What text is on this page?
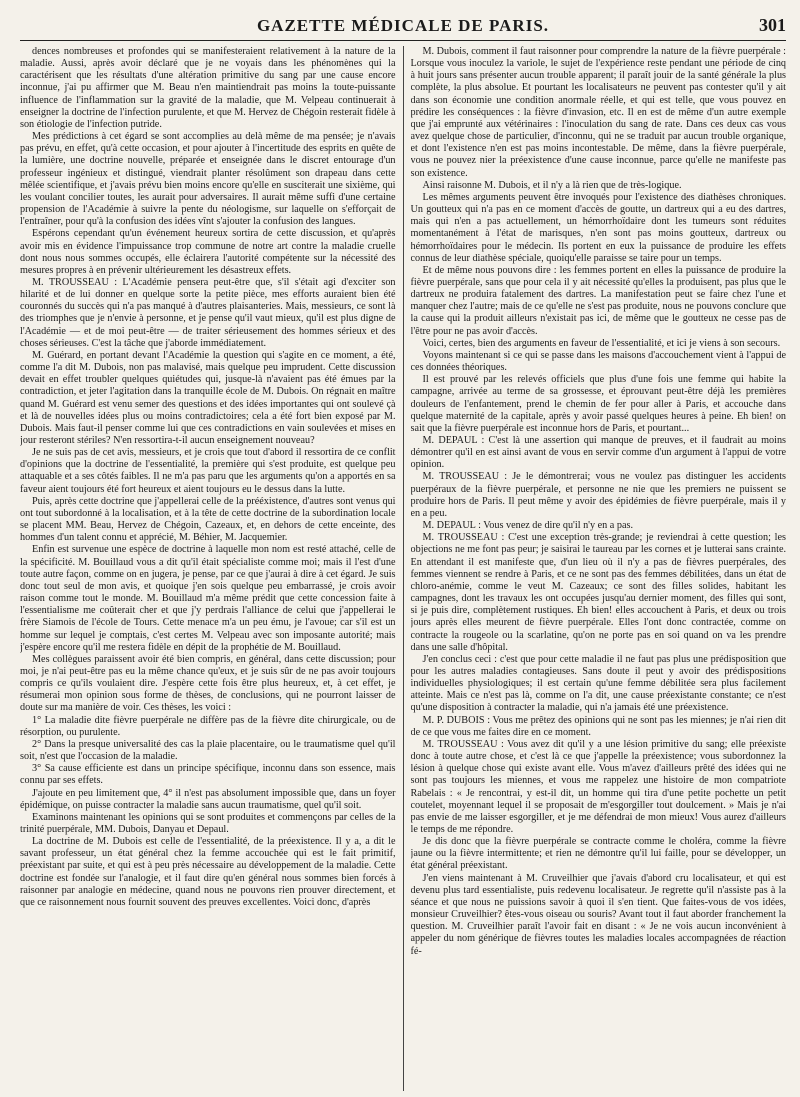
GAZETTE MÉDICALE DE PARIS.	301

dences nombreuses et profondes qui se manifesteraient relativement à la nature de la maladie. Aussi, après avoir déclaré que je ne voyais dans les phénomènes qui la caractérisent que les résultats d'une altération primitive du sang par une cause encore inconnue, j'ai pu affirmer que M. Beau n'en maintiendrait pas moins la toute-puissante influence de l'inflammation sur la gravité de la maladie, que M. Velpeau continuerait à enseigner la doctrine de l'infection purulente, et que M. Hervez de Chégoin resterait fidèle à son étiologie de l'infection putride.

Mes prédictions à cet égard se sont accomplies au delà même de ma pensée; je n'avais pas prévu, en effet, qu'à cette occasion, et pour ajouter à l'incertitude des esprits en quête de la lumière, une doctrine nouvelle, préparée et enseignée dans le discret entourage d'un professeur ingénieux et distingué, viendrait planter résolûment son drapeau dans cette mêlée scientifique, et j'avais prévu bien moins encore qu'elle en susciterait une sixième, qui les voulant concilier toutes, les aurait pour adversaires. Il aurait même suffi d'une certaine propension de l'Académie à suivre la pente du néologisme, sur laquelle on s'efforçait de l'entraîner, pour qu'à la confusion des idées vînt s'ajouter la confusion des langues.

Espérons cependant qu'un événement heureux sortira de cette discussion, et qu'après avoir mis en évidence l'impuissance trop commune de notre art contre la maladie cruelle dont nous nous sommes occupés, elle éclairera l'autorité compétente sur la nécessité des mesures propres à en prévenir ultérieurement les désastreux effets.

M. TROUSSEAU : L'Académie pensera peut-être que, s'il s'était agi d'exciter son hilarité et de lui donner en quelque sorte la petite pièce, mes efforts auraient bien été couronnés du succès qui n'a pas manqué à d'autres plaisanteries. Mais, messieurs, ce sont là des triomphes que je n'envie à personne, et je pense qu'il vaut mieux, qu'il est plus digne de l'Académie — et de moi peut-être — de traiter sérieusement des hommes sérieux et des choses sérieuses. C'est la tâche que j'aborde immédiatement.

M. Guérard, en portant devant l'Académie la question qui s'agite en ce moment, a été, comme l'a dit M. Dubois, non pas malavisé, mais quelque peu imprudent. Cette discussion devait en effet troubler quelques quiétudes qui, jusque-là n'avaient pas été émues par la contradiction, et jeter l'agitation dans la tranquille école de M. Dubois. On régnait en maître quand M. Guérard est venu semer des questions et des idées importantes qui ont soulevé çà et là de nouvelles idées plus ou moins contradictoires; cela a été fort bien exposé par M. Dubois. Mais faut-il penser comme lui que ces contradictions en vain soulevées et mises en jour resteront stériles? N'en ressortira-t-il aucun enseignement nouveau?

Je ne suis pas de cet avis, messieurs, et je crois que tout d'abord il ressortira de ce conflit d'opinions que la doctrine de l'essentialité, la première qui s'est produite, est quelque peu attaquable et a ses côtés faibles. Il ne m'a pas paru que les arguments qu'on a apportés en sa faveur aient toujours été fort heureux et aient toujours eu le dessus dans la lutte.

Puis, après cette doctrine que j'appellerai celle de la prééxistence, d'autres sont venus qui ont tout subordonné à la localisation, et à la tête de cette doctrine de la subordination locale se placent MM. Beau, Hervez de Chégoin, Cazeaux, et, en dehors de cette enceinte, des hommes d'un talent connu et apprécié, M. Béhier, M. Jacquemier.

Enfin est survenue une espèce de doctrine à laquelle mon nom est resté attaché, celle de la spécificité. M. Bouillaud vous a dit qu'il était spécialiste comme moi; mais il l'est d'une toute autre façon, comme on en jugera, je pense, par ce que j'aurai à dire à cet égard. Je suis donc tout seul de mon avis, et quoique j'en sois quelque peu embarrassé, je crois avoir raison comme tout le monde. M. Bouillaud m'a même prédit que cette concession faite à l'essentialisme me coûterait cher et que j'y perdrais l'alliance de celui que j'appellerai le frère Siamois de l'école de Tours. Cette menace m'a un peu ému, je l'avoue; car s'il est un homme sur lequel je comptais, c'est certes M. Velpeau avec son imposante autorité; mais j'espère encore qu'il me restera fidèle en dépit de la prophétie de M. Bouillaud.

Mes collègues paraissent avoir été bien compris, en général, dans cette discussion; pour moi, je n'ai peut-être pas eu la même chance qu'eux, et je suis sûr de ne pas avoir toujours compris ce qu'ils voulaient dire. J'espère cette fois être plus heureux, et, à cet effet, je résumerai mon opinion sous forme de thèses, de conclusions, qui ne pourront laisser de doute sur ma manière de voir. Ces thèses, les voici :

1° La maladie dite fièvre puerpérale ne diffère pas de la fièvre dite chirurgicale, ou de résorption, ou purulente.

2° Dans la presque universalité des cas la plaie placentaire, ou le traumatisme quel qu'il soit, n'est que l'occasion de la maladie.

3° Sa cause efficiente est dans un principe spécifique, inconnu dans son essence, mais connu par ses effets.

J'ajoute en peu limitement que, 4° il n'est pas absolument impossible que, dans un foyer épidémique, on puisse contracter la maladie sans aucun traumatisme, quel qu'il soit.

Examinons maintenant les opinions qui se sont produites et commençons par celles de la trinité puerpérale, MM. Dubois, Danyau et Depaul.

La doctrine de M. Dubois est celle de l'essentialité, de la préexistence. Il y a, a dit le savant professeur, un état général chez la femme accouchée qui est le fait primitif, préexistant par suite, et qui est à peu près nécessaire au développement de la maladie. Cette doctrine est fondée sur l'analogie, et il faut dire qu'en général nous sommes bien forcés à raisonner par analogie en médecine, quand nous ne pouvons rien prouver directement, et que ce raisonnement nous fournit souvent des preuves excellentes. Voici donc, d'après

M. Dubois, comment il faut raisonner pour comprendre la nature de la fièvre puerpérale : Lorsque vous inoculez la variole, le sujet de l'expérience reste pendant une période de cinq à huit jours sans présenter aucun trouble apparent; il paraît jouir de la santé générale la plus complète, la plus absolue. Et pourtant les localisateurs ne peuvent pas contester qu'il y ait dans son économie une condition anormale réelle, et qui est telle, que vous pouvez en prédire les conséquences : la fièvre d'invasion, etc. Il en est de même d'un autre exemple que j'ai emprunté aux vétérinaires : l'inoculation du sang de rate. Dans ces deux cas vous avez quelque chose de particulier, d'inconnu, qui ne se traduit par aucun trouble organique, et dont l'existence n'en est pas moins incontestable. De même, dans la fièvre puerpérale, vous ne pouvez nier la préexistence d'une cause inconnue, parce qu'elle ne manifeste pas son existence.

Ainsi raisonne M. Dubois, et il n'y a là rien que de très-logique.

Les mêmes arguments peuvent être invoqués pour l'existence des diathèses chroniques. Un goutteux qui n'a pas en ce moment d'accès de goutte, un dartreux qui a eu des dartres, mais qui n'en a pas actuellement, un hémorrhoïdaire dont les tumeurs sont réduites momentanément à l'état de marisques, n'en sont pas moins goutteux, dartreux ou hémorrhoïdaires pour le médecin. Ils portent en eux la puissance de produire les effets connus de leur diathèse spéciale, quoiqu'elle paraisse se taire pour un temps.

Et de même nous pouvons dire : les femmes portent en elles la puissance de produire la fièvre puerpérale, sans que pour cela il y ait nécessité qu'elles la produisent, pas plus que le dartreux ne produira fatalement des dartres. La manifestation peut se faire chez l'une et manquer chez l'autre; mais de ce qu'elle ne s'est pas produite, nous ne pouvons conclure que la cause qui la produit ailleurs n'existait pas ici, de même que le goutteux ne cesse pas de l'être pour ne pas avoir d'accès.

Voici, certes, bien des arguments en faveur de l'essentialité, et ici je viens à son secours.

Voyons maintenant si ce qui se passe dans les maisons d'accouchement vient à l'appui de ces données théoriques.

Il est prouvé par les relevés officiels que plus d'une fois une femme qui habite la campagne, arrivée au terme de sa grossesse, et éprouvant peut-être déjà les premières douleurs de l'enfantement, prend le chemin de fer pour aller à Paris, et accouche dans quelque maternité de la capitale, après y avoir passé quelques heures à peine. Eh bien! on sait que la fièvre puerpérale est inconnue hors de Paris, et pourtant...

M. DEPAUL : C'est là une assertion qui manque de preuves, et il faudrait au moins démontrer qu'il en est ainsi avant de vous en servir comme d'un argument à l'appui de votre opinion.

M. TROUSSEAU : Je le démontrerai; vous ne voulez pas distinguer les accidents puerpéraux de la fièvre puerpérale, et personne ne nie que les premiers ne puissent se produire hors de Paris. Il peut même y avoir des épidémies de fièvre puerpérale, mais il y en a peu.

M. DEPAUL : Vous venez de dire qu'il n'y en a pas.

M. TROUSSEAU : C'est une exception très-grande; je reviendrai à cette question; les objections ne me font pas peur; je saisirai le taureau par les cornes et je lutterai sans crainte. En attendant il est manifeste que, d'un lieu où il n'y a pas de fièvres puerpérales, des femmes viennent se rendre à Paris, et ce ne sont pas des femmes débilitées, dans un état de chloro-anémie, comme le veut M. Cazeaux; ce sont des filles solides, habitant les campagnes, dont les travaux les ont occupées jusqu'au dernier moment, des filles qui sont, si je puis dire, complètement rustiques. Eh bien! elles accouchent à Paris, et deux ou trois jours après elles meurent de fièvre puerpérale. Elles l'ont donc contractée, comme on contracte la rougeole ou la scarlatine, qu'on ne porte pas en soi quand on va les prendre dans une salle d'hôpital.

J'en conclus ceci : c'est que pour cette maladie il ne faut pas plus une prédisposition que pour les autres maladies contagieuses. Sans doute il peut y avoir des prédispositions individuelles physiologiques; il est certain qu'une femme débilitée sera plus facilement atteinte. Mais ce n'est pas là, comme on l'a dit, une cause préexistante constante; ce n'est qu'une disposition à contracter la maladie, qui n'a jamais été une préexistence.

M. P. DUBOIS : Vous me prêtez des opinions qui ne sont pas les miennes; je n'ai rien dit de ce que vous me faites dire en ce moment.

M. TROUSSEAU : Vous avez dit qu'il y a une lésion primitive du sang; elle préexiste donc à toute autre chose, et c'est là ce que j'appelle la préexistence; vous subordonnez la lésion à quelque chose qui existe avant elle. Vous m'avez d'ailleurs prêté des idées qui ne sont pas toujours les miennes, et vous me rappelez une histoire de mon compatriote Rabelais : « Je rencontrai, y est-il dit, un homme qui tira d'une petite pochette un petit coutelet, moyennant lequel il se proposait de m'esgorgiller tout doulcement. » Mais je n'ai pas envie de me laisser esgorgiller, et je me défendrai de mon mieux! Vous aurez d'ailleurs le temps de me répondre.

Je dis donc que la fièvre puerpérale se contracte comme le choléra, comme la fièvre jaune ou la fièvre intermittente; et rien ne démontre qu'il lui faille, pour se développer, un état général préexistant.

J'en viens maintenant à M. Cruveilhier que j'avais d'abord cru localisateur, et qui est devenu plus tard essentialiste, puis redevenu localisateur. Je regrette qu'il n'assiste pas à la séance et que nous ne puissions savoir à quoi il s'en tient. Que faites-vous de vos idées, monsieur Cruveilhier? êtes-vous oiseau ou souris? Avant tout il faut aborder franchement la question. M. Cruveilhier paraît l'avoir fait en disant : « Je ne vois aucun inconvénient à appeler du nom générique de fièvres toutes les maladies locales accompagnées de réaction fé-
